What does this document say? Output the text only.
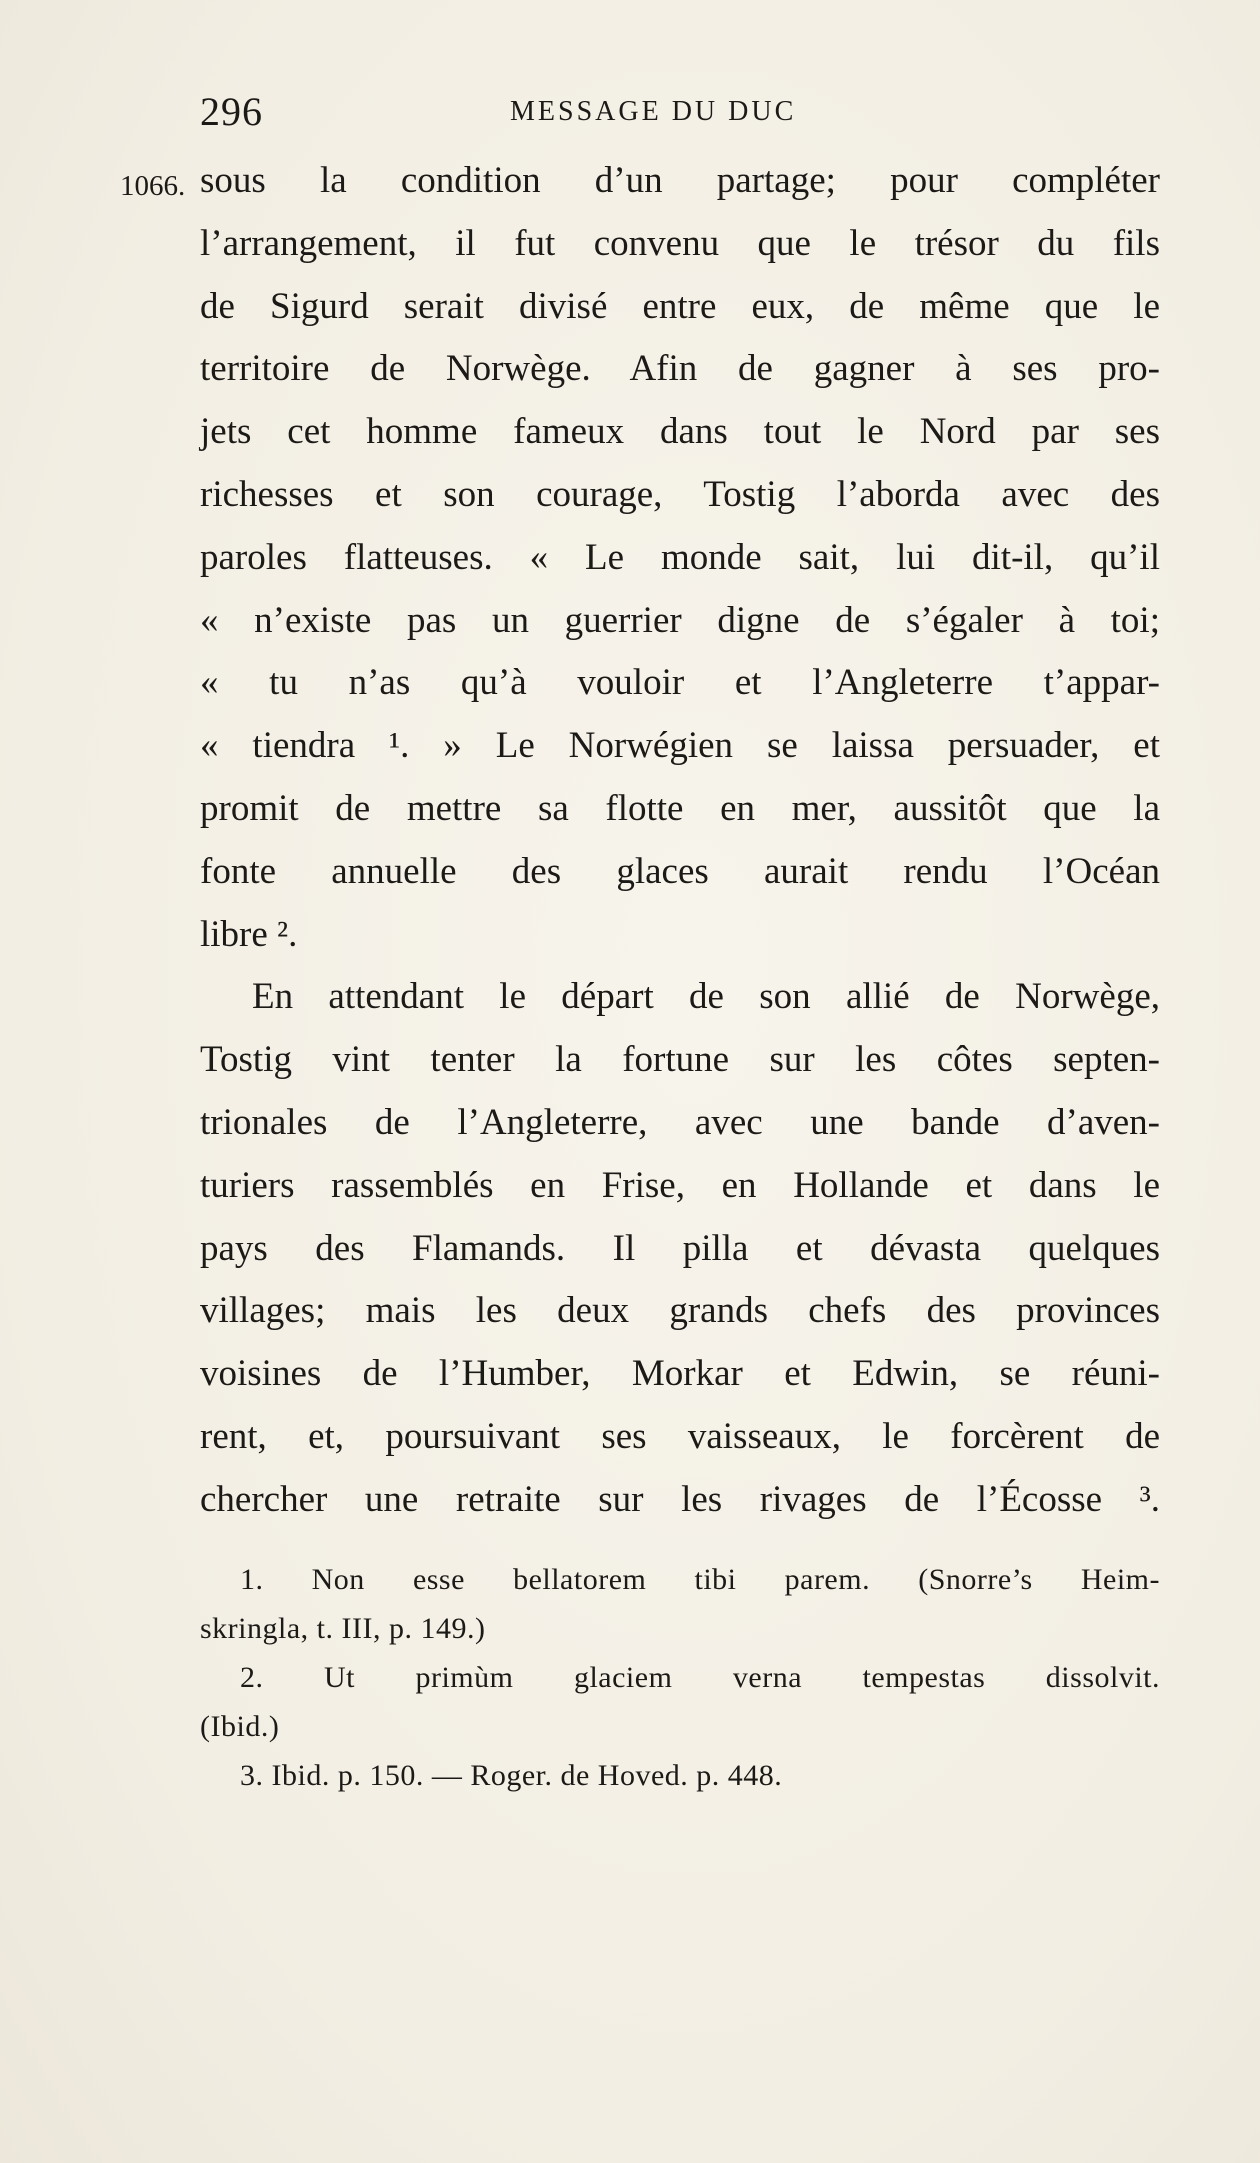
296	MESSAGE DU DUC
1066. sous la condition d’un partage; pour compléter
l’arrangement, il fut convenu que le trésor du fils
de Sigurd serait divisé entre eux, de même que le
territoire de Norwège. Afin de gagner à ses pro-
jets cet homme fameux dans tout le Nord par ses
richesses et son courage, Tostig l’aborda avec des
paroles flatteuses. « Le monde sait, lui dit-il, qu’il
« n’existe pas un guerrier digne de s’égaler à toi;
« tu n’as qu’à vouloir et l’Angleterre t’appar-
« tiendra ¹. » Le Norwégien se laissa persuader, et
promit de mettre sa flotte en mer, aussitôt que la
fonte annuelle des glaces aurait rendu l’Océan
libre ².
En attendant le départ de son allié de Norwège,
Tostig vint tenter la fortune sur les côtes septen-
trionales de l’Angleterre, avec une bande d’aven-
turiers rassemblés en Frise, en Hollande et dans le
pays des Flamands. Il pilla et dévasta quelques
villages; mais les deux grands chefs des provinces
voisines de l’Humber, Morkar et Edwin, se réuni-
rent, et, poursuivant ses vaisseaux, le forcèrent de
chercher une retraite sur les rivages de l’Écosse ³.
1. Non esse bellatorem tibi parem. (Snorre’s Heim-
skringla, t. III, p. 149.)
2. Ut primùm glaciem verna tempestas dissolvit.
(Ibid.)
3. Ibid. p. 150. — Roger. de Hoved. p. 448.
